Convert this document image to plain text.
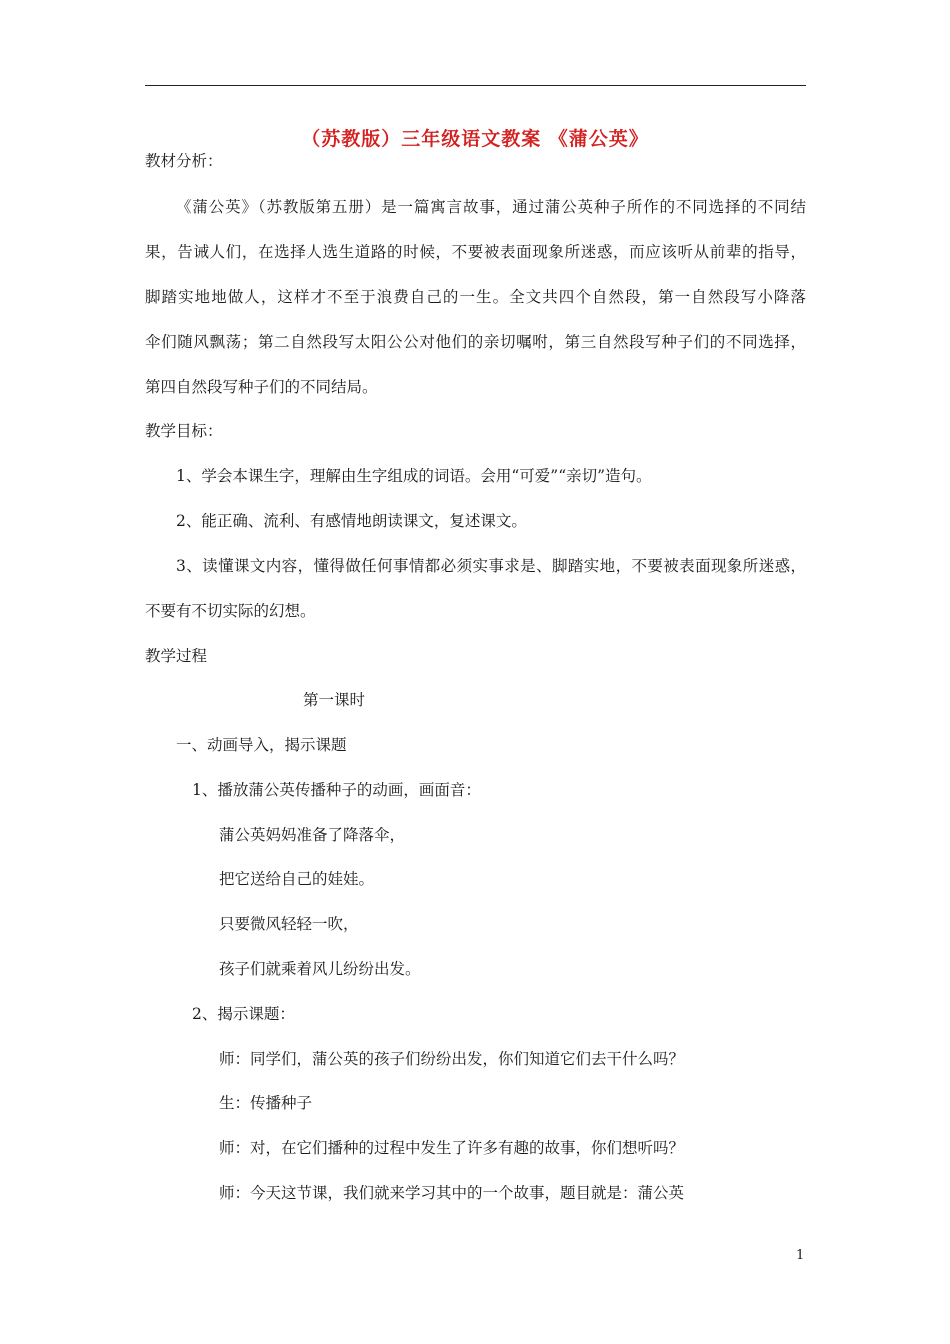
（苏教版）三年级语文教案 《蒲公英》
教材分析：
《蒲公英》（苏教版第五册）是一篇寓言故事，通过蒲公英种子所作的不同选择的不同结
果，告诫人们，在选择人选生道路的时候，不要被表面现象所迷惑，而应该听从前辈的指导，
脚踏实地地做人，这样才不至于浪费自己的一生。全文共四个自然段，第一自然段写小降落
伞们随风飘荡；第二自然段写太阳公公对他们的亲切嘱咐，第三自然段写种子们的不同选择，
第四自然段写种子们的不同结局。
教学目标：
1、学会本课生字，理解由生字组成的词语。会用“可爱”“亲切”造句。
2、能正确、流利、有感情地朗读课文，复述课文。
3、读懂课文内容，懂得做任何事情都必须实事求是、脚踏实地，不要被表面现象所迷惑，
不要有不切实际的幻想。
教学过程
第一课时
一、动画导入，揭示课题
1、播放蒲公英传播种子的动画，画面音：
蒲公英妈妈准备了降落伞，
把它送给自己的娃娃。
只要微风轻轻一吹，
孩子们就乘着风儿纷纷出发。
2、揭示课题：
师：同学们，蒲公英的孩子们纷纷出发，你们知道它们去干什么吗？
生：传播种子
师：对，在它们播种的过程中发生了许多有趣的故事，你们想听吗？
师：今天这节课，我们就来学习其中的一个故事，题目就是：蒲公英
1
